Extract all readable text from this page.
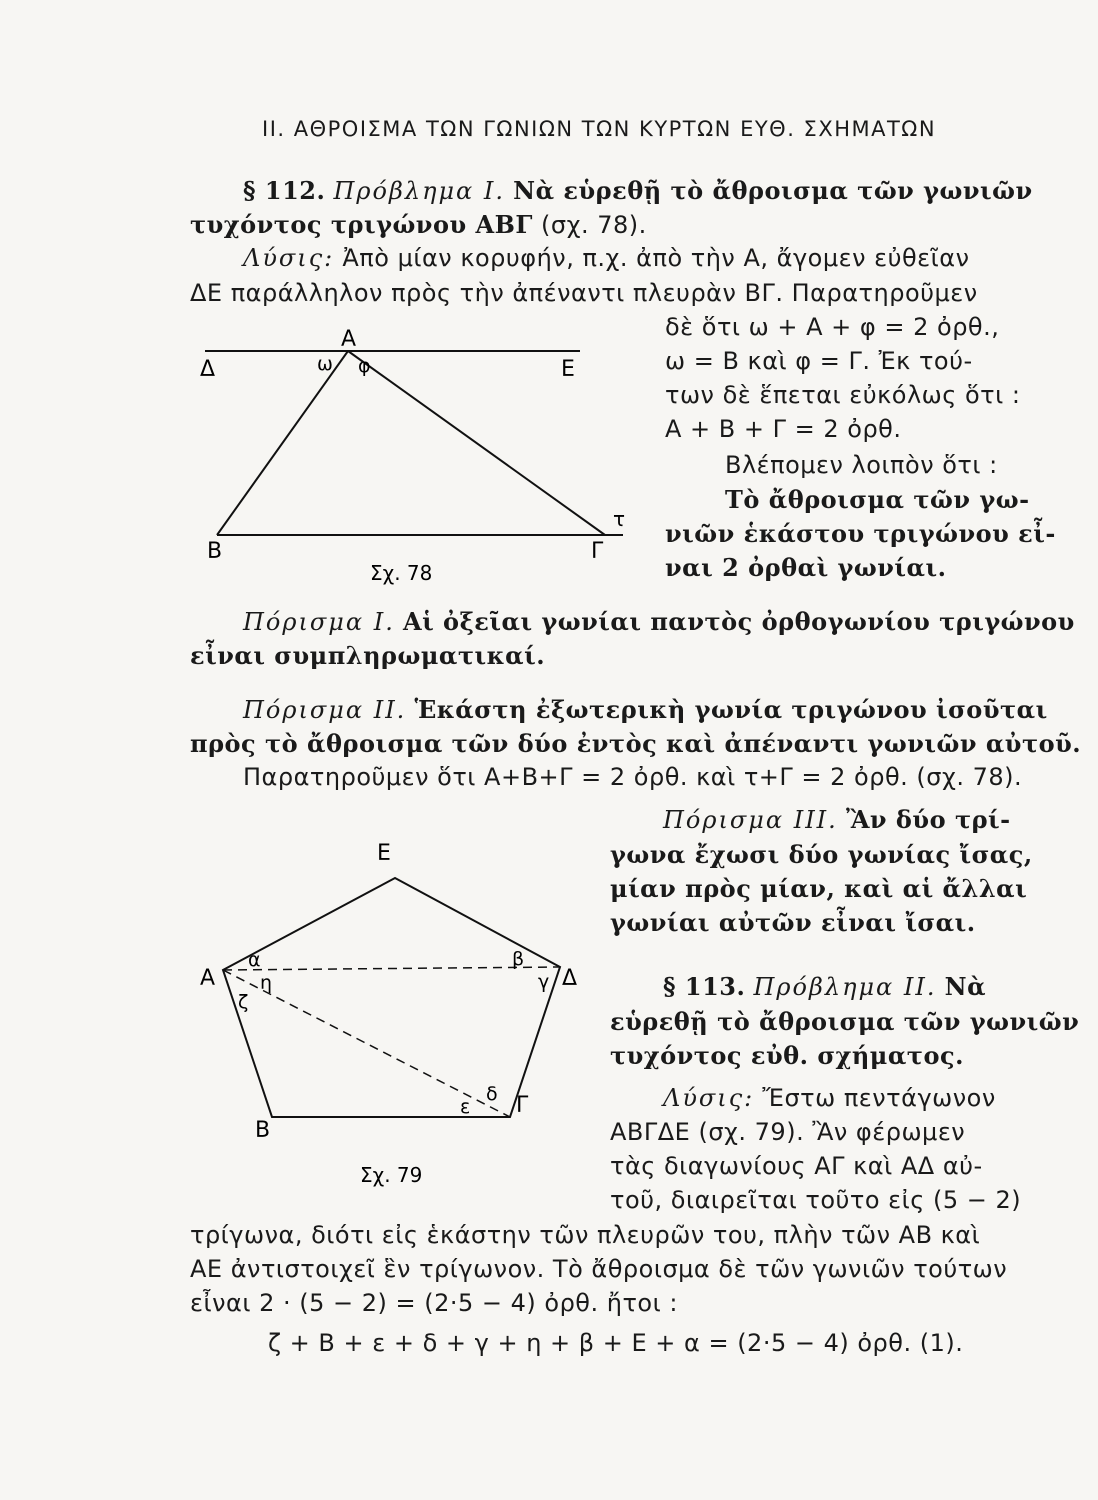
II. ΑΘΡΟΙΣΜΑ ΤΩΝ ΓΩΝΙΩΝ ΤΩΝ ΚΥΡΤΩΝ ΕΥΘ. ΣΧΗΜΑΤΩΝ
§ 112. Πρόβλημα Ι. Νὰ εὑρεθῇ τὸ ἄθροισμα τῶν γωνιῶν
τυχόντος τριγώνου ΑΒΓ (σχ. 78).
Λύσις: Ἀπὸ μίαν κορυφήν, π.χ. ἀπὸ τὴν Α, ἄγομεν εὐθεῖαν
ΔΕ παράλληλον πρὸς τὴν ἀπέναντι πλευρὰν ΒΓ. Παρατηροῦμεν
δὲ ὅτι ω + Α + φ = 2 ὀρθ.,
ω = Β καὶ φ = Γ. Ἐκ τού-
των δὲ ἕπεται εὐκόλως ὅτι :
Α + Β + Γ = 2 ὀρθ.
Βλέπομεν λοιπὸν ὅτι :
Τὸ ἄθροισμα τῶν γω-
νιῶν ἑκάστου τριγώνου εἶ-
ναι 2 ὀρθαὶ γωνίαι.
Δ	Ε
Α
ω φ
Β	Γ
τ
Σχ. 78
Πόρισμα Ι. Αἱ ὀξεῖαι γωνίαι παντὸς ὀρθογωνίου τριγώνου
εἶναι συμπληρωματικαί.
Πόρισμα ΙΙ. Ἑκάστη ἐξωτερικὴ γωνία τριγώνου ἰσοῦται
πρὸς τὸ ἄθροισμα τῶν δύο ἐντὸς καὶ ἀπέναντι γωνιῶν αὐτοῦ.
Παρατηροῦμεν ὅτι Α+Β+Γ = 2 ὀρθ. καὶ τ+Γ = 2 ὀρθ. (σχ. 78).
Πόρισμα ΙΙΙ. Ἂν δύο τρί-
γωνα ἔχωσι δύο γωνίας ἴσας,
μίαν πρὸς μίαν, καὶ αἱ ἄλλαι
γωνίαι αὐτῶν εἶναι ἴσαι.
§ 113. Πρόβλημα ΙΙ. Νὰ
εὑρεθῇ τὸ ἄθροισμα τῶν γωνιῶν
τυχόντος εὐθ. σχήματος.
Λύσις: Ἔστω πεντάγωνον
ΑΒΓΔΕ (σχ. 79). Ἂν φέρωμεν
τὰς διαγωνίους ΑΓ καὶ ΑΔ αὐ-
τοῦ, διαιρεῖται τοῦτο εἰς (5 − 2)
τρίγωνα, διότι εἰς ἑκάστην τῶν πλευρῶν του, πλὴν τῶν ΑΒ καὶ
ΑΕ ἀντιστοιχεῖ ἓν τρίγωνον. Τὸ ἄθροισμα δὲ τῶν γωνιῶν τούτων
εἶναι 2 · (5 − 2) = (2·5 − 4) ὀρθ. ἤτοι :
ζ + Β + ε + δ + γ + η + β + Ε + α = (2·5 − 4) ὀρθ. (1).
Ε
Α	Δ
α	β
η	γ
ζ
Β
Γ
ε
δ
Σχ. 79
